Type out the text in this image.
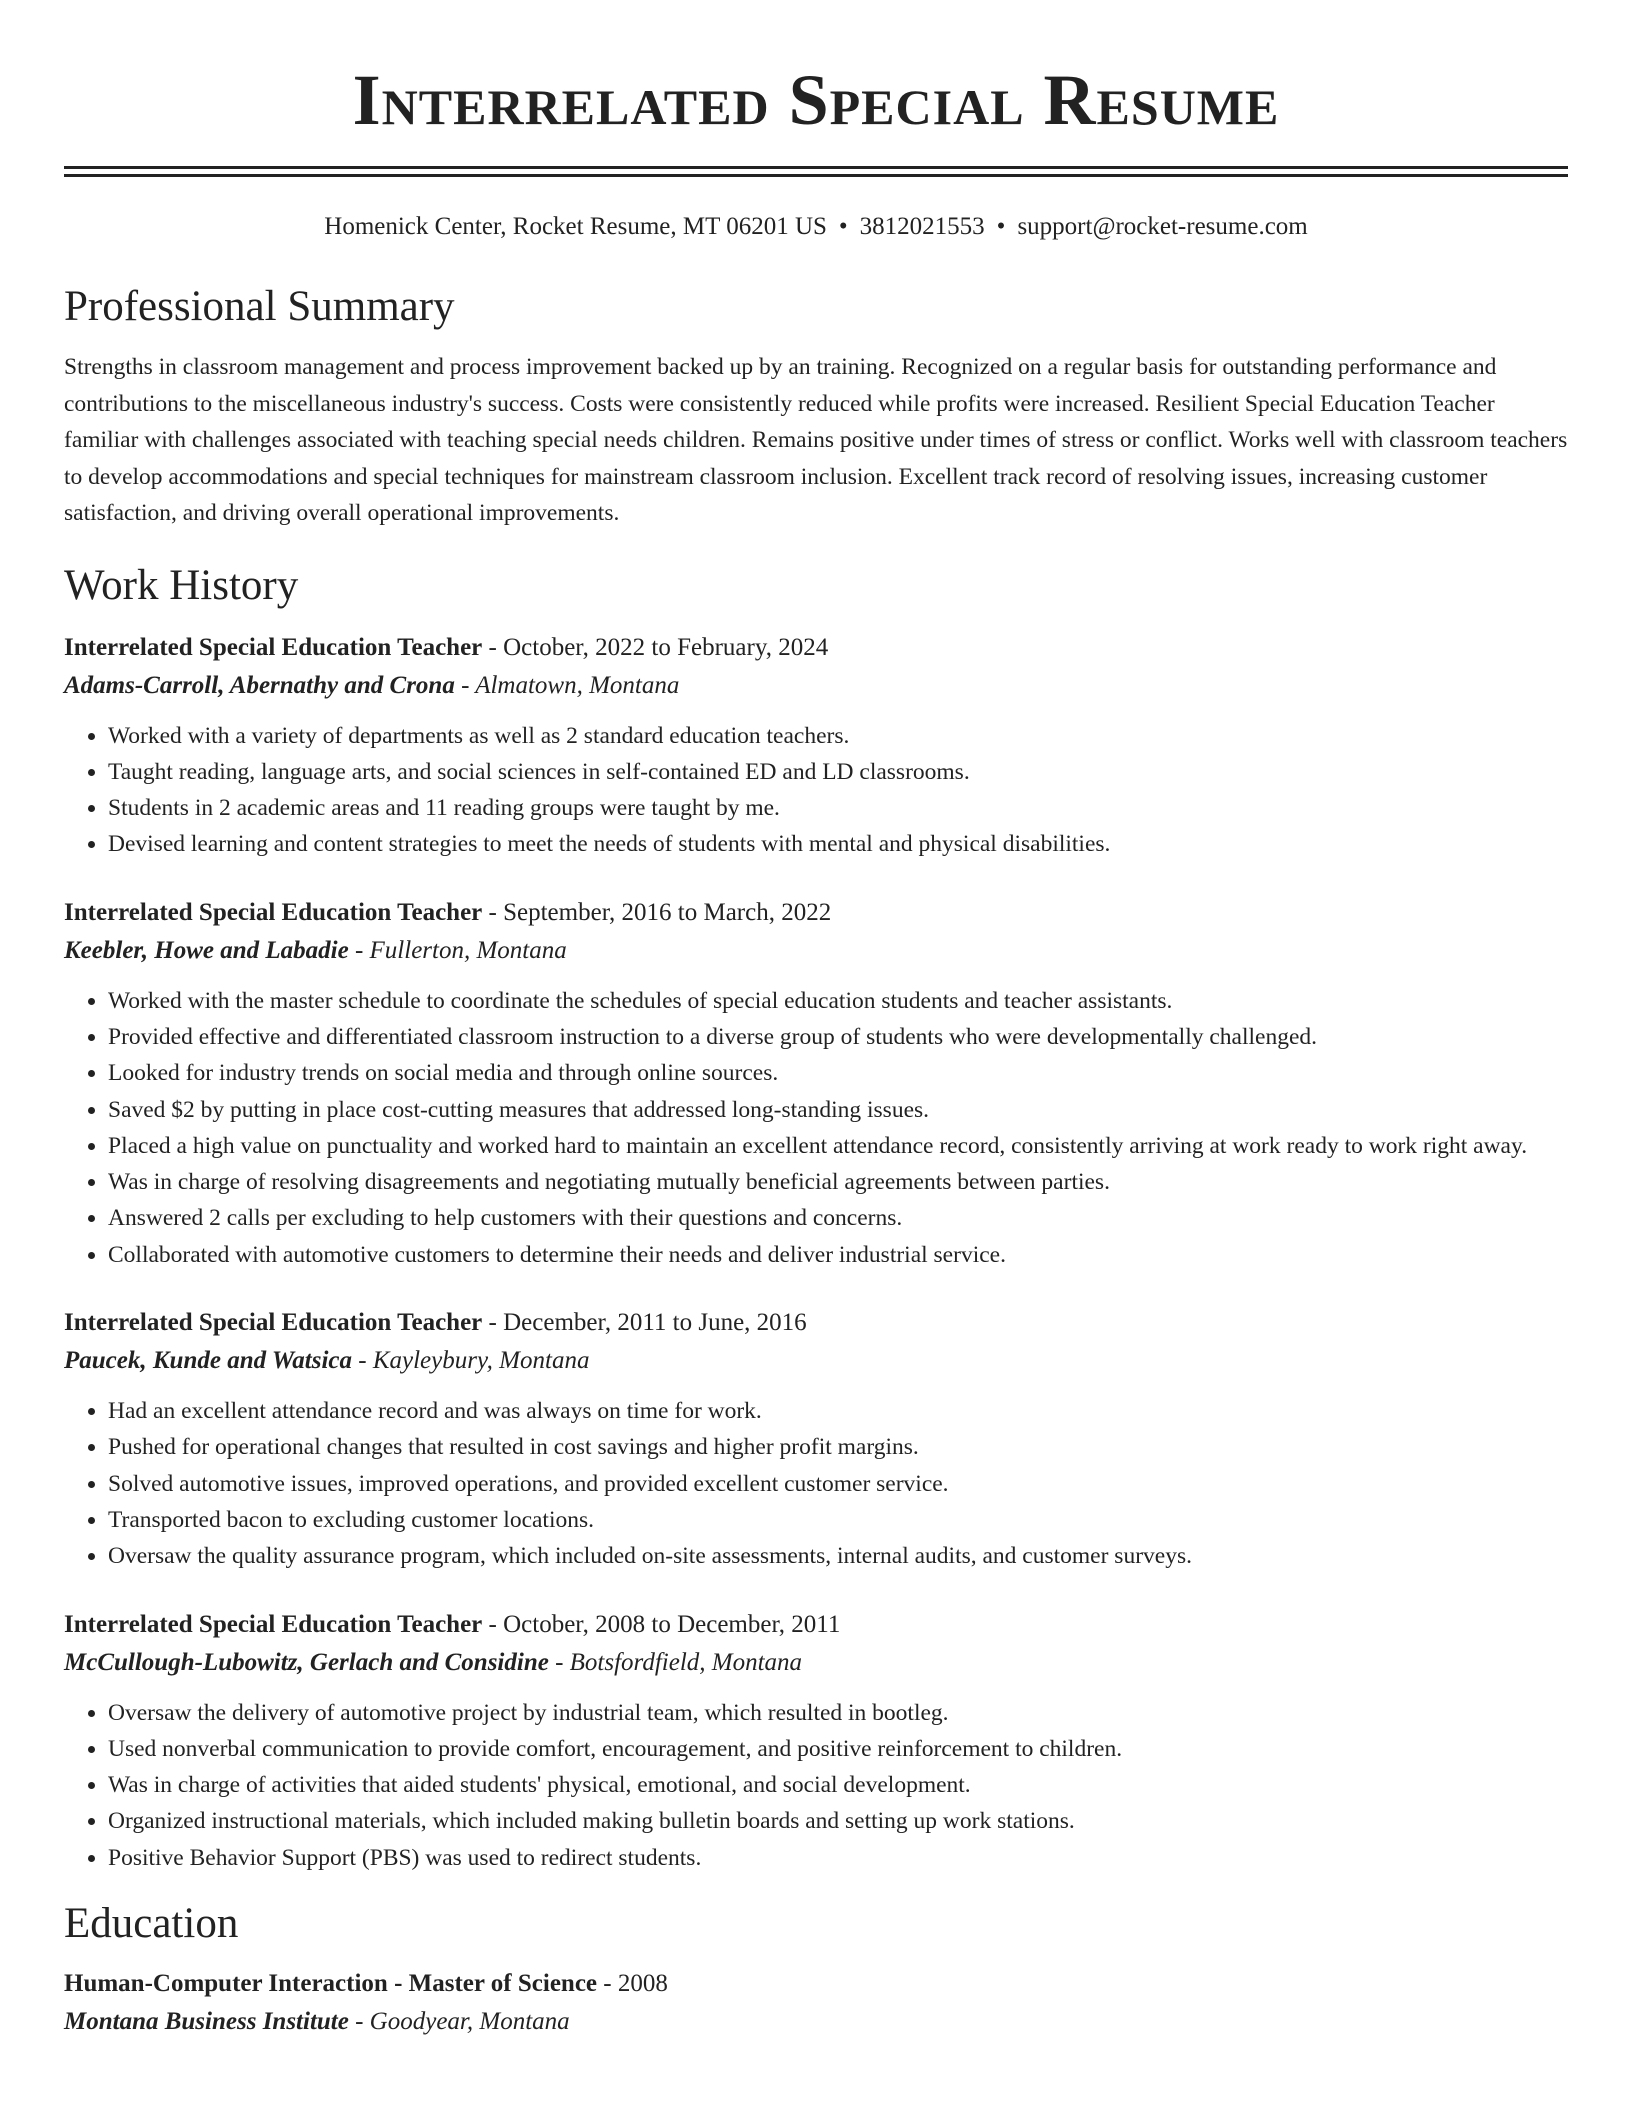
Interrelated Special Resume
Homenick Center, Rocket Resume, MT 06201 US • 3812021553 • support@rocket-resume.com
Professional Summary

Strengths in classroom management and process improvement backed up by an training. Recognized on a regular basis for outstanding performance and contributions to the miscellaneous industry's success. Costs were consistently reduced while profits were increased. Resilient Special Education Teacher familiar with challenges associated with teaching special needs children. Remains positive under times of stress or conflict. Works well with classroom teachers to develop accommodations and special techniques for mainstream classroom inclusion. Excellent track record of resolving issues, increasing customer satisfaction, and driving overall operational improvements.

Work History
Interrelated Special Education Teacher - October, 2022 to February, 2024
Adams-Carroll, Abernathy and Crona - Almatown, Montana
• Worked with a variety of departments as well as 2 standard education teachers.
• Taught reading, language arts, and social sciences in self-contained ED and LD classrooms.
• Students in 2 academic areas and 11 reading groups were taught by me.
• Devised learning and content strategies to meet the needs of students with mental and physical disabilities.
Interrelated Special Education Teacher - September, 2016 to March, 2022
Keebler, Howe and Labadie - Fullerton, Montana
• Worked with the master schedule to coordinate the schedules of special education students and teacher assistants.
• Provided effective and differentiated classroom instruction to a diverse group of students who were developmentally challenged.
• Looked for industry trends on social media and through online sources.
• Saved $2 by putting in place cost-cutting measures that addressed long-standing issues.
• Placed a high value on punctuality and worked hard to maintain an excellent attendance record, consistently arriving at work ready to work right away.
• Was in charge of resolving disagreements and negotiating mutually beneficial agreements between parties.
• Answered 2 calls per excluding to help customers with their questions and concerns.
• Collaborated with automotive customers to determine their needs and deliver industrial service.
Interrelated Special Education Teacher - December, 2011 to June, 2016
Paucek, Kunde and Watsica - Kayleybury, Montana
• Had an excellent attendance record and was always on time for work.
• Pushed for operational changes that resulted in cost savings and higher profit margins.
• Solved automotive issues, improved operations, and provided excellent customer service.
• Transported bacon to excluding customer locations.
• Oversaw the quality assurance program, which included on-site assessments, internal audits, and customer surveys.
Interrelated Special Education Teacher - October, 2008 to December, 2011
McCullough-Lubowitz, Gerlach and Considine - Botsfordfield, Montana
• Oversaw the delivery of automotive project by industrial team, which resulted in bootleg.
• Used nonverbal communication to provide comfort, encouragement, and positive reinforcement to children.
• Was in charge of activities that aided students' physical, emotional, and social development.
• Organized instructional materials, which included making bulletin boards and setting up work stations.
• Positive Behavior Support (PBS) was used to redirect students.
Education
Human-Computer Interaction - Master of Science - 2008
Montana Business Institute - Goodyear, Montana
